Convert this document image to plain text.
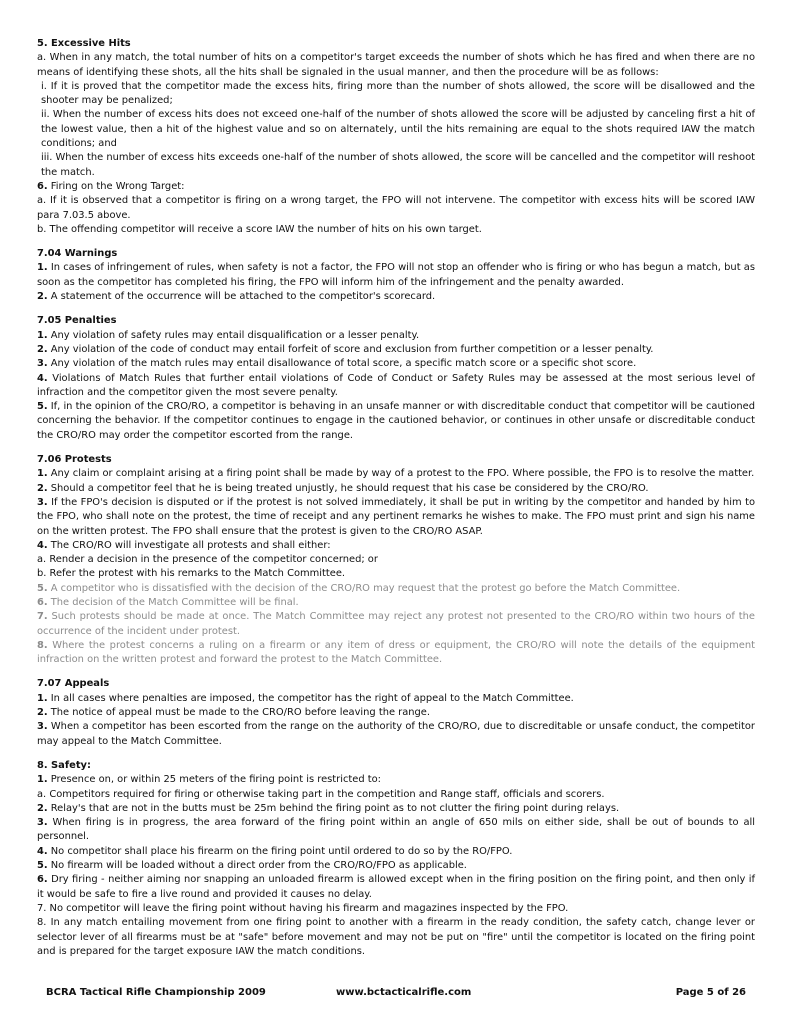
5. Excessive Hits
a. When in any match, the total number of hits on a competitor's target exceeds the number of shots which he has fired and when there are no means of identifying these shots, all the hits shall be signaled in the usual manner, and then the procedure will be as follows:
i. If it is proved that the competitor made the excess hits, firing more than the number of shots allowed, the score will be disallowed and the shooter may be penalized;
ii. When the number of excess hits does not exceed one-half of the number of shots allowed the score will be adjusted by canceling first a hit of the lowest value, then a hit of the highest value and so on alternately, until the hits remaining are equal to the shots required IAW the match conditions; and
iii. When the number of excess hits exceeds one-half of the number of shots allowed, the score will be cancelled and the competitor will reshoot the match.
6. Firing on the Wrong Target:
a. If it is observed that a competitor is firing on a wrong target, the FPO will not intervene. The competitor with excess hits will be scored IAW para 7.03.5 above.
b. The offending competitor will receive a score IAW the number of hits on his own target.
7.04 Warnings
1. In cases of infringement of rules, when safety is not a factor, the FPO will not stop an offender who is firing or who has begun a match, but as soon as the competitor has completed his firing, the FPO will inform him of the infringement and the penalty awarded.
2. A statement of the occurrence will be attached to the competitor's scorecard.
7.05 Penalties
1. Any violation of safety rules may entail disqualification or a lesser penalty.
2. Any violation of the code of conduct may entail forfeit of score and exclusion from further competition or a lesser penalty.
3. Any violation of the match rules may entail disallowance of total score, a specific match score or a specific shot score.
4. Violations of Match Rules that further entail violations of Code of Conduct or Safety Rules may be assessed at the most serious level of infraction and the competitor given the most severe penalty.
5. If, in the opinion of the CRO/RO, a competitor is behaving in an unsafe manner or with discreditable conduct that competitor will be cautioned concerning the behavior. If the competitor continues to engage in the cautioned behavior, or continues in other unsafe or discreditable conduct the CRO/RO may order the competitor escorted from the range.
7.06 Protests
1. Any claim or complaint arising at a firing point shall be made by way of a protest to the FPO. Where possible, the FPO is to resolve the matter.
2. Should a competitor feel that he is being treated unjustly, he should request that his case be considered by the CRO/RO.
3. If the FPO's decision is disputed or if the protest is not solved immediately, it shall be put in writing by the competitor and handed by him to the FPO, who shall note on the protest, the time of receipt and any pertinent remarks he wishes to make. The FPO must print and sign his name on the written protest. The FPO shall ensure that the protest is given to the CRO/RO ASAP.
4. The CRO/RO will investigate all protests and shall either:
a. Render a decision in the presence of the competitor concerned; or
b. Refer the protest with his remarks to the Match Committee.
5. A competitor who is dissatisfied with the decision of the CRO/RO may request that the protest go before the Match Committee.
6. The decision of the Match Committee will be final.
7. Such protests should be made at once. The Match Committee may reject any protest not presented to the CRO/RO within two hours of the occurrence of the incident under protest.
8. Where the protest concerns a ruling on a firearm or any item of dress or equipment, the CRO/RO will note the details of the equipment infraction on the written protest and forward the protest to the Match Committee.
7.07 Appeals
1. In all cases where penalties are imposed, the competitor has the right of appeal to the Match Committee.
2. The notice of appeal must be made to the CRO/RO before leaving the range.
3. When a competitor has been escorted from the range on the authority of the CRO/RO, due to discreditable or unsafe conduct, the competitor may appeal to the Match Committee.
8. Safety:
1. Presence on, or within 25 meters of the firing point is restricted to:
a. Competitors required for firing or otherwise taking part in the competition and Range staff, officials and scorers.
2. Relay's that are not in the butts must be 25m behind the firing point as to not clutter the firing point during relays.
3. When firing is in progress, the area forward of the firing point within an angle of 650 mils on either side, shall be out of bounds to all personnel.
4. No competitor shall place his firearm on the firing point until ordered to do so by the RO/FPO.
5. No firearm will be loaded without a direct order from the CRO/RO/FPO as applicable.
6. Dry firing - neither aiming nor snapping an unloaded firearm is allowed except when in the firing position on the firing point, and then only if it would be safe to fire a live round and provided it causes no delay.
7. No competitor will leave the firing point without having his firearm and magazines inspected by the FPO.
8. In any match entailing movement from one firing point to another with a firearm in the ready condition, the safety catch, change lever or selector lever of all firearms must be at "safe" before movement and may not be put on "fire" until the competitor is located on the firing point and is prepared for the target exposure IAW the match conditions.
BCRA Tactical Rifle Championship 2009	www.bctacticalrifle.com	Page 5 of 26
